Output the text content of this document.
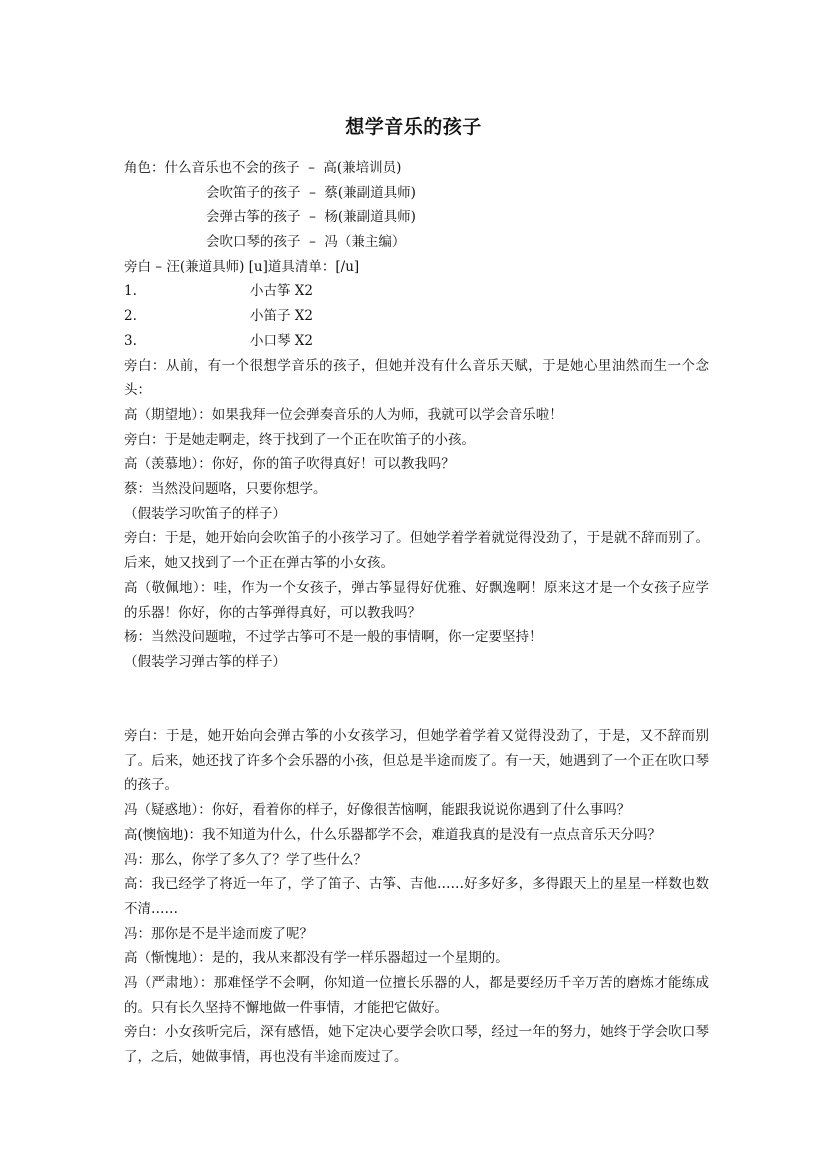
想学音乐的孩子
角色：什么音乐也不会的孩子  –  高(兼培训员)
会吹笛子的孩子  –  蔡(兼副道具师)
会弹古筝的孩子  –  杨(兼副道具师)
会吹口琴的孩子  –  冯（兼主编）
旁白 – 汪(兼道具师) [u]道具清单：[/u]
1.	小古筝 X2
2.	小笛子 X2
3.	小口琴 X2
旁白：从前，有一个很想学音乐的孩子，但她并没有什么音乐天赋，于是她心里油然而生一个念头：
高（期望地）：如果我拜一位会弹奏音乐的人为师，我就可以学会音乐啦！
旁白：于是她走啊走，终于找到了一个正在吹笛子的小孩。
高（羡慕地）：你好，你的笛子吹得真好！可以教我吗？
蔡：当然没问题咯，只要你想学。
（假装学习吹笛子的样子）
旁白：于是，她开始向会吹笛子的小孩学习了。但她学着学着就觉得没劲了，于是就不辞而别了。后来，她又找到了一个正在弹古筝的小女孩。
高（敬佩地）：哇，作为一个女孩子，弹古筝显得好优雅、好飘逸啊！原来这才是一个女孩子应学的乐器！你好，你的古筝弹得真好，可以教我吗？
杨：当然没问题啦，不过学古筝可不是一般的事情啊，你一定要坚持！
（假装学习弹古筝的样子）
旁白：于是，她开始向会弹古筝的小女孩学习，但她学着学着又觉得没劲了，于是，又不辞而别了。后来，她还找了许多个会乐器的小孩，但总是半途而废了。有一天，她遇到了一个正在吹口琴的孩子。
冯（疑惑地）：你好，看着你的样子，好像很苦恼啊，能跟我说说你遇到了什么事吗？
高(懊恼地)：我不知道为什么，什么乐器都学不会，难道我真的是没有一点点音乐天分吗？
冯：那么，你学了多久了？学了些什么？
高：我已经学了将近一年了，学了笛子、古筝、吉他……好多好多，多得跟天上的星星一样数也数不清……
冯：那你是不是半途而废了呢？
高（惭愧地）：是的，我从来都没有学一样乐器超过一个星期的。
冯（严肃地）：那难怪学不会啊，你知道一位擅长乐器的人，都是要经历千辛万苦的磨炼才能练成的。只有长久坚持不懈地做一件事情，才能把它做好。
旁白：小女孩听完后，深有感悟，她下定决心要学会吹口琴，经过一年的努力，她终于学会吹口琴了，之后，她做事情，再也没有半途而废过了。
